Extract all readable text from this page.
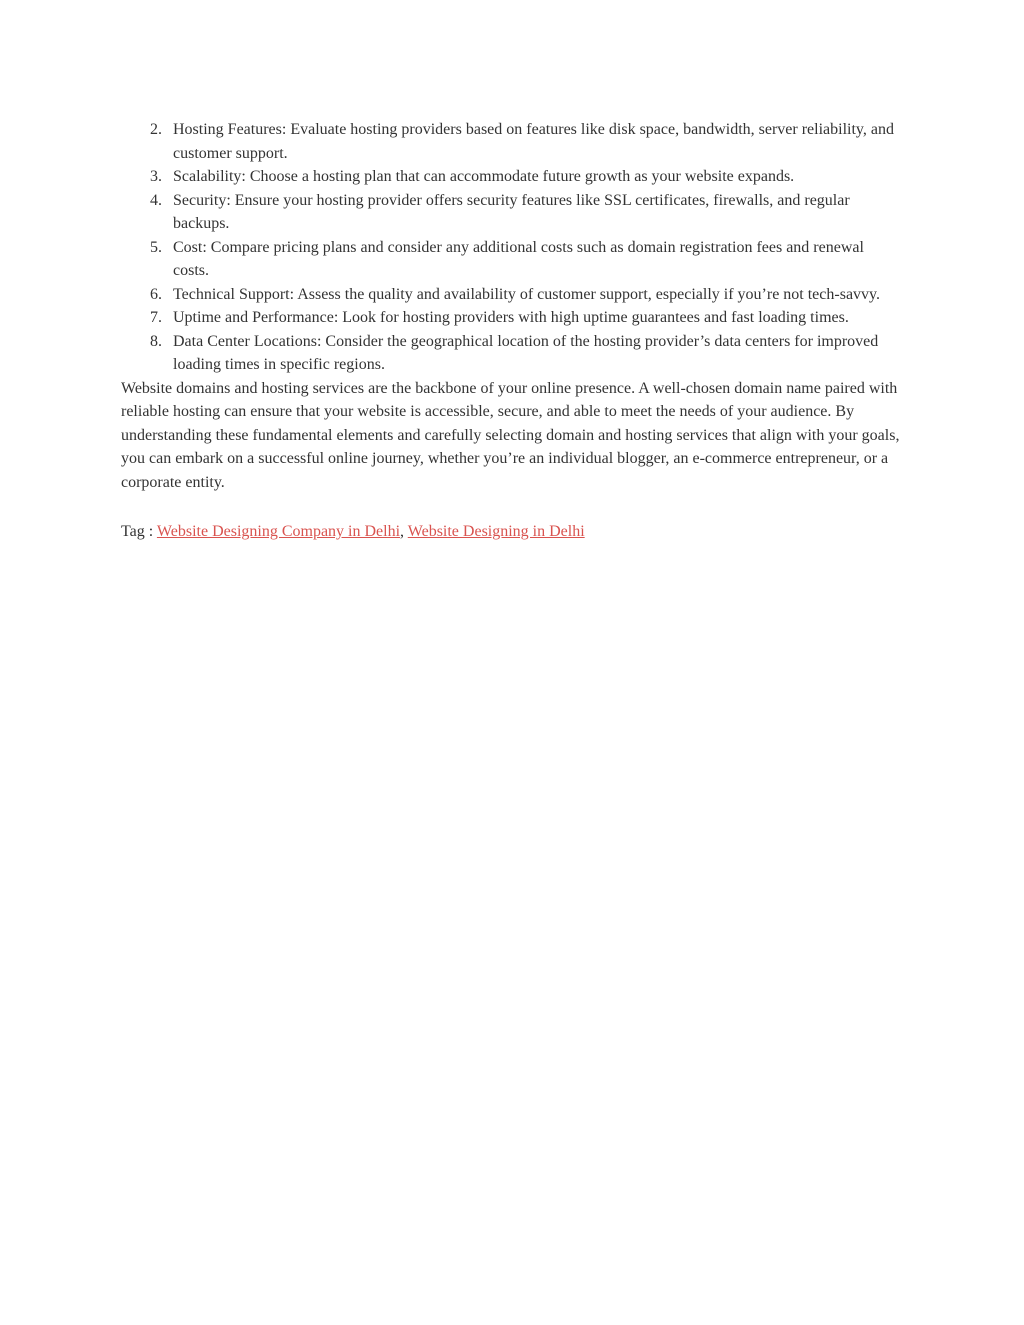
2. Hosting Features: Evaluate hosting providers based on features like disk space, bandwidth, server reliability, and customer support.
3. Scalability: Choose a hosting plan that can accommodate future growth as your website expands.
4. Security: Ensure your hosting provider offers security features like SSL certificates, firewalls, and regular backups.
5. Cost: Compare pricing plans and consider any additional costs such as domain registration fees and renewal costs.
6. Technical Support: Assess the quality and availability of customer support, especially if you’re not tech-savvy.
7. Uptime and Performance: Look for hosting providers with high uptime guarantees and fast loading times.
8. Data Center Locations: Consider the geographical location of the hosting provider’s data centers for improved loading times in specific regions.

Website domains and hosting services are the backbone of your online presence. A well-chosen domain name paired with reliable hosting can ensure that your website is accessible, secure, and able to meet the needs of your audience. By understanding these fundamental elements and carefully selecting domain and hosting services that align with your goals, you can embark on a successful online journey, whether you’re an individual blogger, an e-commerce entrepreneur, or a corporate entity.

Tag : Website Designing Company in Delhi, Website Designing in Delhi
